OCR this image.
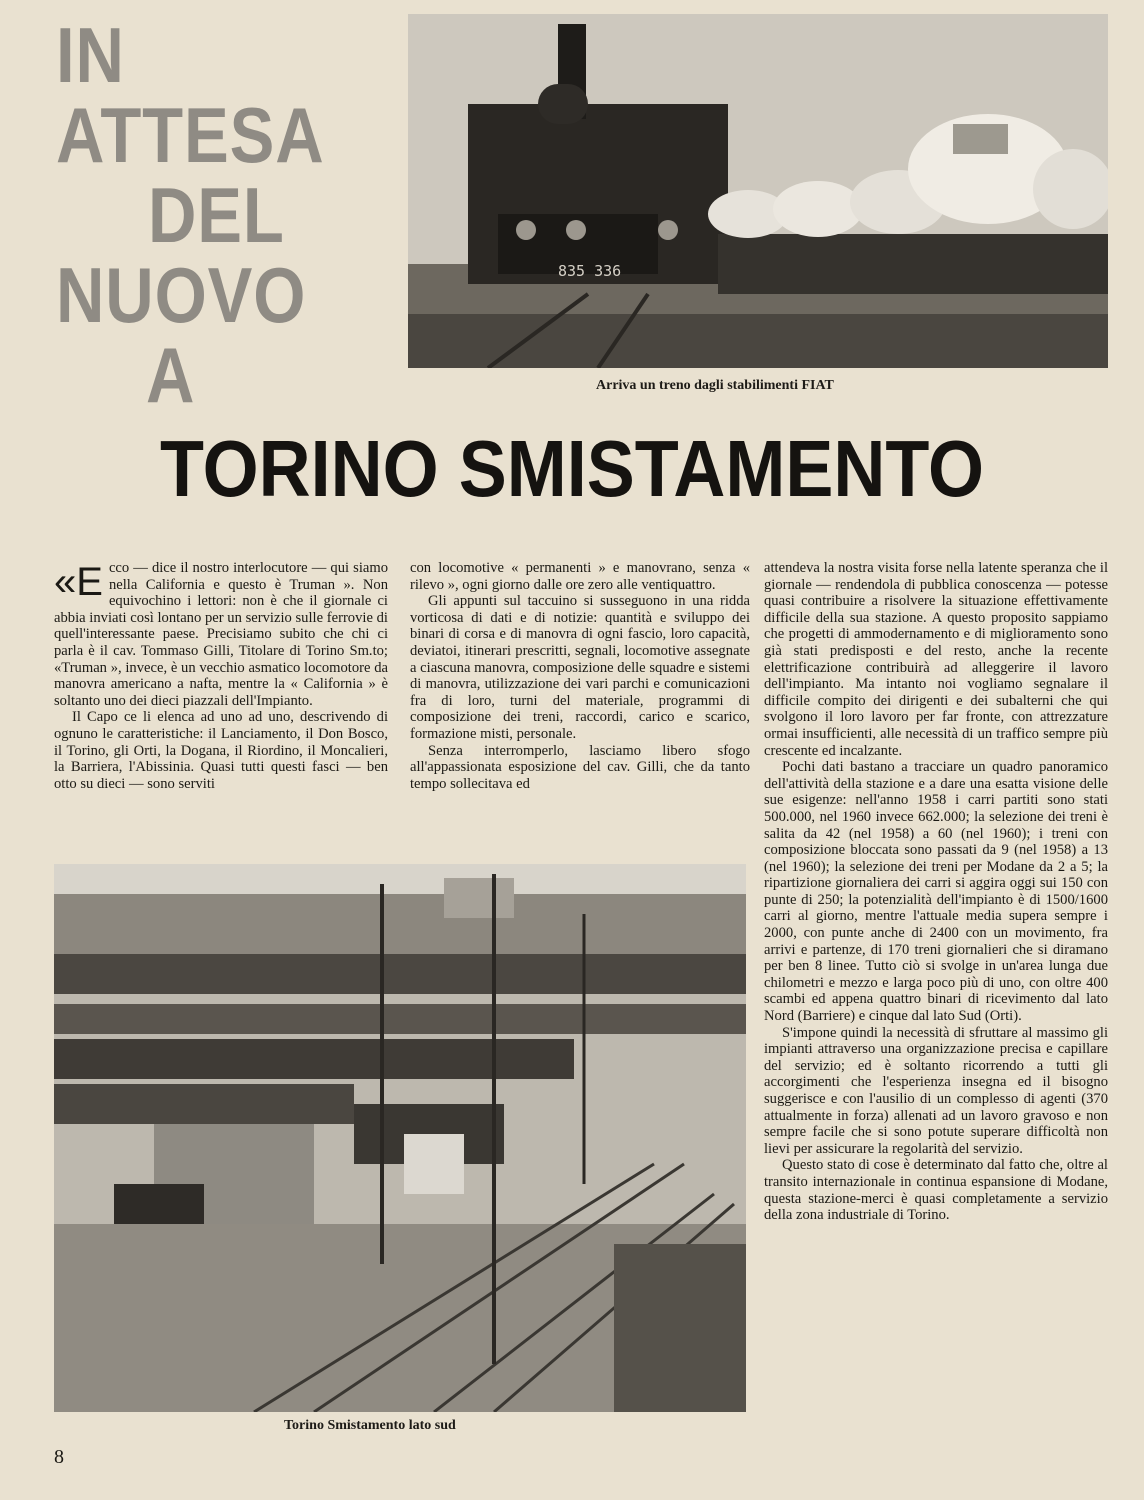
IN
ATTESA
DEL
NUOVO
A
TORINO SMISTAMENTO
835 336
Arriva un treno dagli stabilimenti FIAT

«Ecco — dice il nostro interlocutore — qui siamo nella California e questo è Truman ». Non equivochino i lettori: non è che il giornale ci abbia inviati così lontano per un servizio sulle ferrovie di quell'interessante paese. Precisiamo subito che chi ci parla è il cav. Tommaso Gilli, Titolare di Torino Sm.to; «Truman », invece, è un vecchio asmatico locomotore da manovra americano a nafta, mentre la « California » è soltanto uno dei dieci piazzali dell'Impianto.

Il Capo ce li elenca ad uno ad uno, descrivendo di ognuno le caratteristiche: il Lanciamento, il Don Bosco, il Torino, gli Orti, la Dogana, il Riordino, il Moncalieri, la Barriera, l'Abissinia. Quasi tutti questi fasci — ben otto su dieci — sono serviti

con locomotive « permanenti » e manovrano, senza « rilevo », ogni giorno dalle ore zero alle ventiquattro.

Gli appunti sul taccuino si susseguono in una ridda vorticosa di dati e di notizie: quantità e sviluppo dei binari di corsa e di manovra di ogni fascio, loro capacità, deviatoi, itinerari prescritti, segnali, locomotive assegnate a ciascuna manovra, composizione delle squadre e sistemi di manovra, utilizzazione dei vari parchi e comunicazioni fra di loro, turni del materiale, programmi di composizione dei treni, raccordi, carico e scarico, formazione misti, personale.

Senza interromperlo, lasciamo libero sfogo all'appassionata esposizione del cav. Gilli, che da tanto tempo sollecitava ed

attendeva la nostra visita forse nella latente speranza che il giornale — rendendola di pubblica conoscenza — potesse quasi contribuire a risolvere la situazione effettivamente difficile della sua stazione. A questo proposito sappiamo che progetti di ammodernamento e di miglioramento sono già stati predisposti e del resto, anche la recente elettrificazione contribuirà ad alleggerire il lavoro dell'impianto. Ma intanto noi vogliamo segnalare il difficile compito dei dirigenti e dei subalterni che qui svolgono il loro lavoro per far fronte, con attrezzature ormai insufficienti, alle necessità di un traffico sempre più crescente ed incalzante.

Pochi dati bastano a tracciare un quadro panoramico dell'attività della stazione e a dare una esatta visione delle sue esigenze: nell'anno 1958 i carri partiti sono stati 500.000, nel 1960 invece 662.000; la selezione dei treni è salita da 42 (nel 1958) a 60 (nel 1960); i treni con composizione bloccata sono passati da 9 (nel 1958) a 13 (nel 1960); la selezione dei treni per Modane da 2 a 5; la ripartizione giornaliera dei carri si aggira oggi sui 150 con punte di 250; la potenzialità dell'impianto è di 1500/1600 carri al giorno, mentre l'attuale media supera sempre i 2000, con punte anche di 2400 con un movimento, fra arrivi e partenze, di 170 treni giornalieri che si diramano per ben 8 linee. Tutto ciò si svolge in un'area lunga due chilometri e mezzo e larga poco più di uno, con oltre 400 scambi ed appena quattro binari di ricevimento dal lato Nord (Barriere) e cinque dal lato Sud (Orti).

S'impone quindi la necessità di sfruttare al massimo gli impianti attraverso una organizzazione precisa e capillare del servizio; ed è soltanto ricorrendo a tutti gli accorgimenti che l'esperienza insegna ed il bisogno suggerisce e con l'ausilio di un complesso di agenti (370 attualmente in forza) allenati ad un lavoro gravoso e non sempre facile che si sono potute superare difficoltà non lievi per assicurare la regolarità del servizio.

Questo stato di cose è determinato dal fatto che, oltre al transito internazionale in continua espansione di Modane, questa stazione-merci è quasi completamente a servizio della zona industriale di Torino.

Torino Smistamento lato sud
8
